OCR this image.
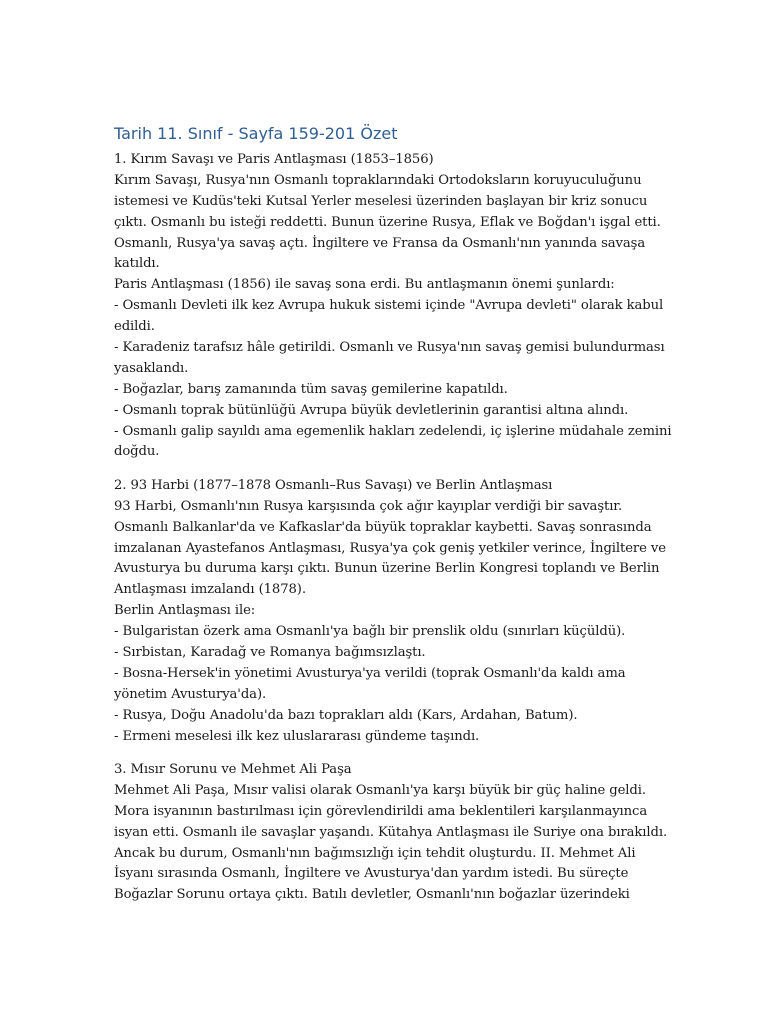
Tarih 11. Sınıf - Sayfa 159-201 Özet
1. Kırım Savaşı ve Paris Antlaşması (1853–1856)
Kırım Savaşı, Rusya'nın Osmanlı topraklarındaki Ortodoksların koruyuculuğunu
istemesi ve Kudüs'teki Kutsal Yerler meselesi üzerinden başlayan bir kriz sonucu
çıktı. Osmanlı bu isteği reddetti. Bunun üzerine Rusya, Eflak ve Boğdan'ı işgal etti.
Osmanlı, Rusya'ya savaş açtı. İngiltere ve Fransa da Osmanlı'nın yanında savaşa
katıldı.
Paris Antlaşması (1856) ile savaş sona erdi. Bu antlaşmanın önemi şunlardı:
- Osmanlı Devleti ilk kez Avrupa hukuk sistemi içinde "Avrupa devleti" olarak kabul
edildi.
- Karadeniz tarafsız hâle getirildi. Osmanlı ve Rusya'nın savaş gemisi bulundurması
yasaklandı.
- Boğazlar, barış zamanında tüm savaş gemilerine kapatıldı.
- Osmanlı toprak bütünlüğü Avrupa büyük devletlerinin garantisi altına alındı.
- Osmanlı galip sayıldı ama egemenlik hakları zedelendi, iç işlerine müdahale zemini
doğdu.
2. 93 Harbi (1877–1878 Osmanlı–Rus Savaşı) ve Berlin Antlaşması
93 Harbi, Osmanlı'nın Rusya karşısında çok ağır kayıplar verdiği bir savaştır.
Osmanlı Balkanlar'da ve Kafkaslar'da büyük topraklar kaybetti. Savaş sonrasında
imzalanan Ayastefanos Antlaşması, Rusya'ya çok geniş yetkiler verince, İngiltere ve
Avusturya bu duruma karşı çıktı. Bunun üzerine Berlin Kongresi toplandı ve Berlin
Antlaşması imzalandı (1878).
Berlin Antlaşması ile:
- Bulgaristan özerk ama Osmanlı'ya bağlı bir prenslik oldu (sınırları küçüldü).
- Sırbistan, Karadağ ve Romanya bağımsızlaştı.
- Bosna-Hersek'in yönetimi Avusturya'ya verildi (toprak Osmanlı'da kaldı ama
yönetim Avusturya'da).
- Rusya, Doğu Anadolu'da bazı toprakları aldı (Kars, Ardahan, Batum).
- Ermeni meselesi ilk kez uluslararası gündeme taşındı.
3. Mısır Sorunu ve Mehmet Ali Paşa
Mehmet Ali Paşa, Mısır valisi olarak Osmanlı'ya karşı büyük bir güç haline geldi.
Mora isyanının bastırılması için görevlendirildi ama beklentileri karşılanmayınca
isyan etti. Osmanlı ile savaşlar yaşandı. Kütahya Antlaşması ile Suriye ona bırakıldı.
Ancak bu durum, Osmanlı'nın bağımsızlığı için tehdit oluşturdu. II. Mehmet Ali
İsyanı sırasında Osmanlı, İngiltere ve Avusturya'dan yardım istedi. Bu süreçte
Boğazlar Sorunu ortaya çıktı. Batılı devletler, Osmanlı'nın boğazlar üzerindeki
